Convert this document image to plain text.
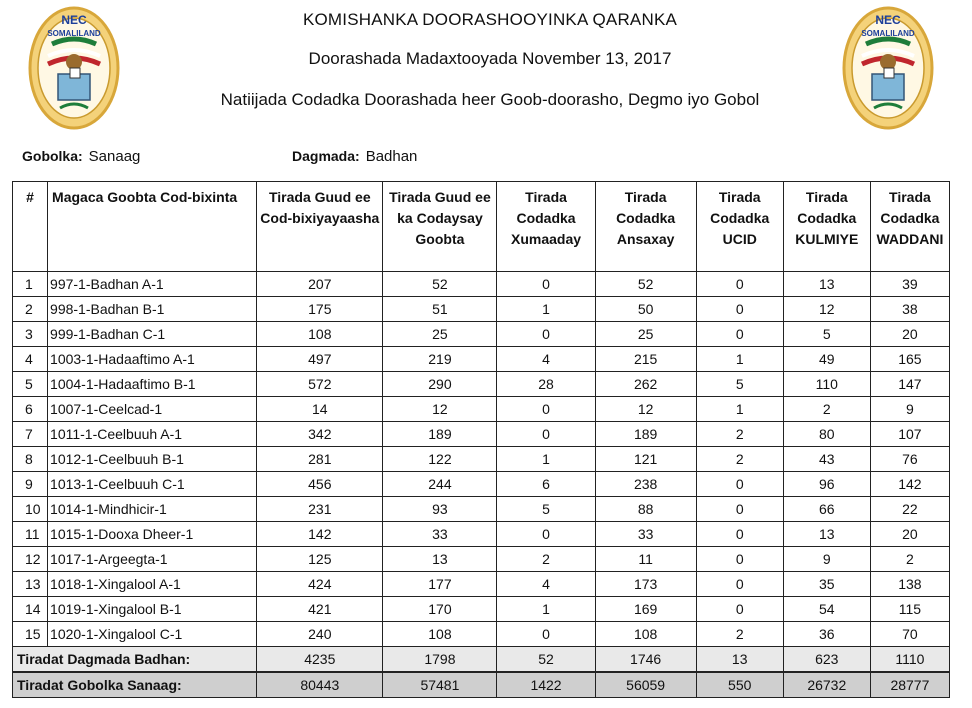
NEC
SOMALILAND
NEC
SOMALILAND
KOMISHANKA DOORASHOOYINKA QARANKA
Doorashada Madaxtooyada November 13, 2017
Natiijada Codadka Doorashada heer Goob-doorasho, Degmo iyo Gobol
Gobolka: Sanaag	Dagmada: Badhan
#	Magaca Goobta Cod-bixinta	Tirada Guud ee Cod-bixiyayaasha	Tirada Guud ee ka Codaysay Goobta	Tirada Codadka Xumaaday	Tirada Codadka Ansaxay	Tirada Codadka UCID	Tirada Codadka KULMIYE	Tirada Codadka WADDANI
1	997-1-Badhan A-1	207	52	0	52	0	13	39
2	998-1-Badhan B-1	175	51	1	50	0	12	38
3	999-1-Badhan C-1	108	25	0	25	0	5	20
4	1003-1-Hadaaftimo A-1	497	219	4	215	1	49	165
5	1004-1-Hadaaftimo B-1	572	290	28	262	5	110	147
6	1007-1-Ceelcad-1	14	12	0	12	1	2	9
7	1011-1-Ceelbuuh A-1	342	189	0	189	2	80	107
8	1012-1-Ceelbuuh B-1	281	122	1	121	2	43	76
9	1013-1-Ceelbuuh C-1	456	244	6	238	0	96	142
10	1014-1-Mindhicir-1	231	93	5	88	0	66	22
11	1015-1-Dooxa Dheer-1	142	33	0	33	0	13	20
12	1017-1-Argeegta-1	125	13	2	11	0	9	2
13	1018-1-Xingalool A-1	424	177	4	173	0	35	138
14	1019-1-Xingalool B-1	421	170	1	169	0	54	115
15	1020-1-Xingalool C-1	240	108	0	108	2	36	70
Tiradat Dagmada Badhan:		4235	1798	52	1746	13	623	1110
Tiradat Gobolka Sanaag:		80443	57481	1422	56059	550	26732	28777
